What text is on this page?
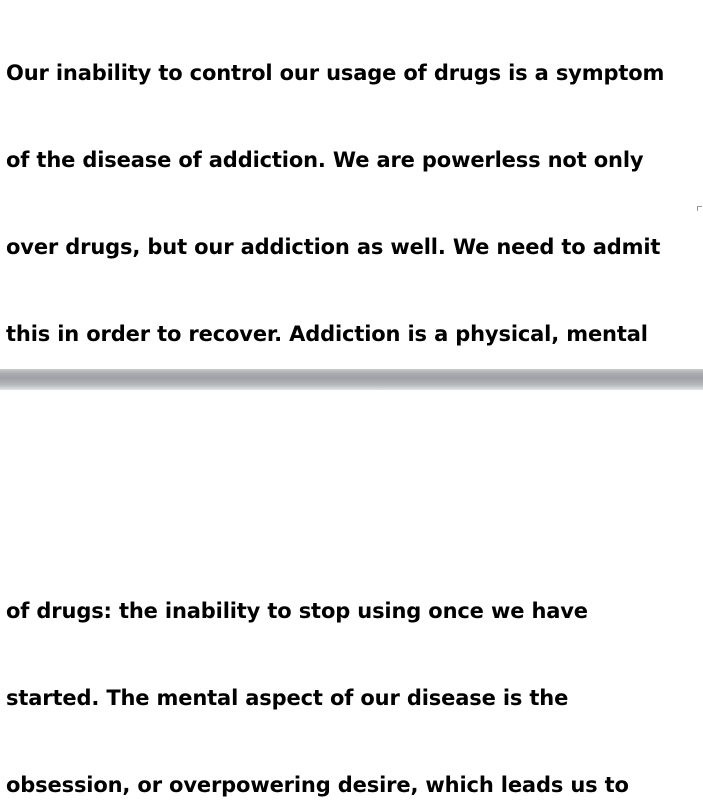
Our inability to control our usage of drugs is a symptom

of the disease of addiction. We are powerless not only

over drugs, but our addiction as well. We need to admit

this in order to recover. Addiction is a physical, mental

of drugs: the inability to stop using once we have

started. The mental aspect of our disease is the

obsession, or overpowering desire, which leads us to
